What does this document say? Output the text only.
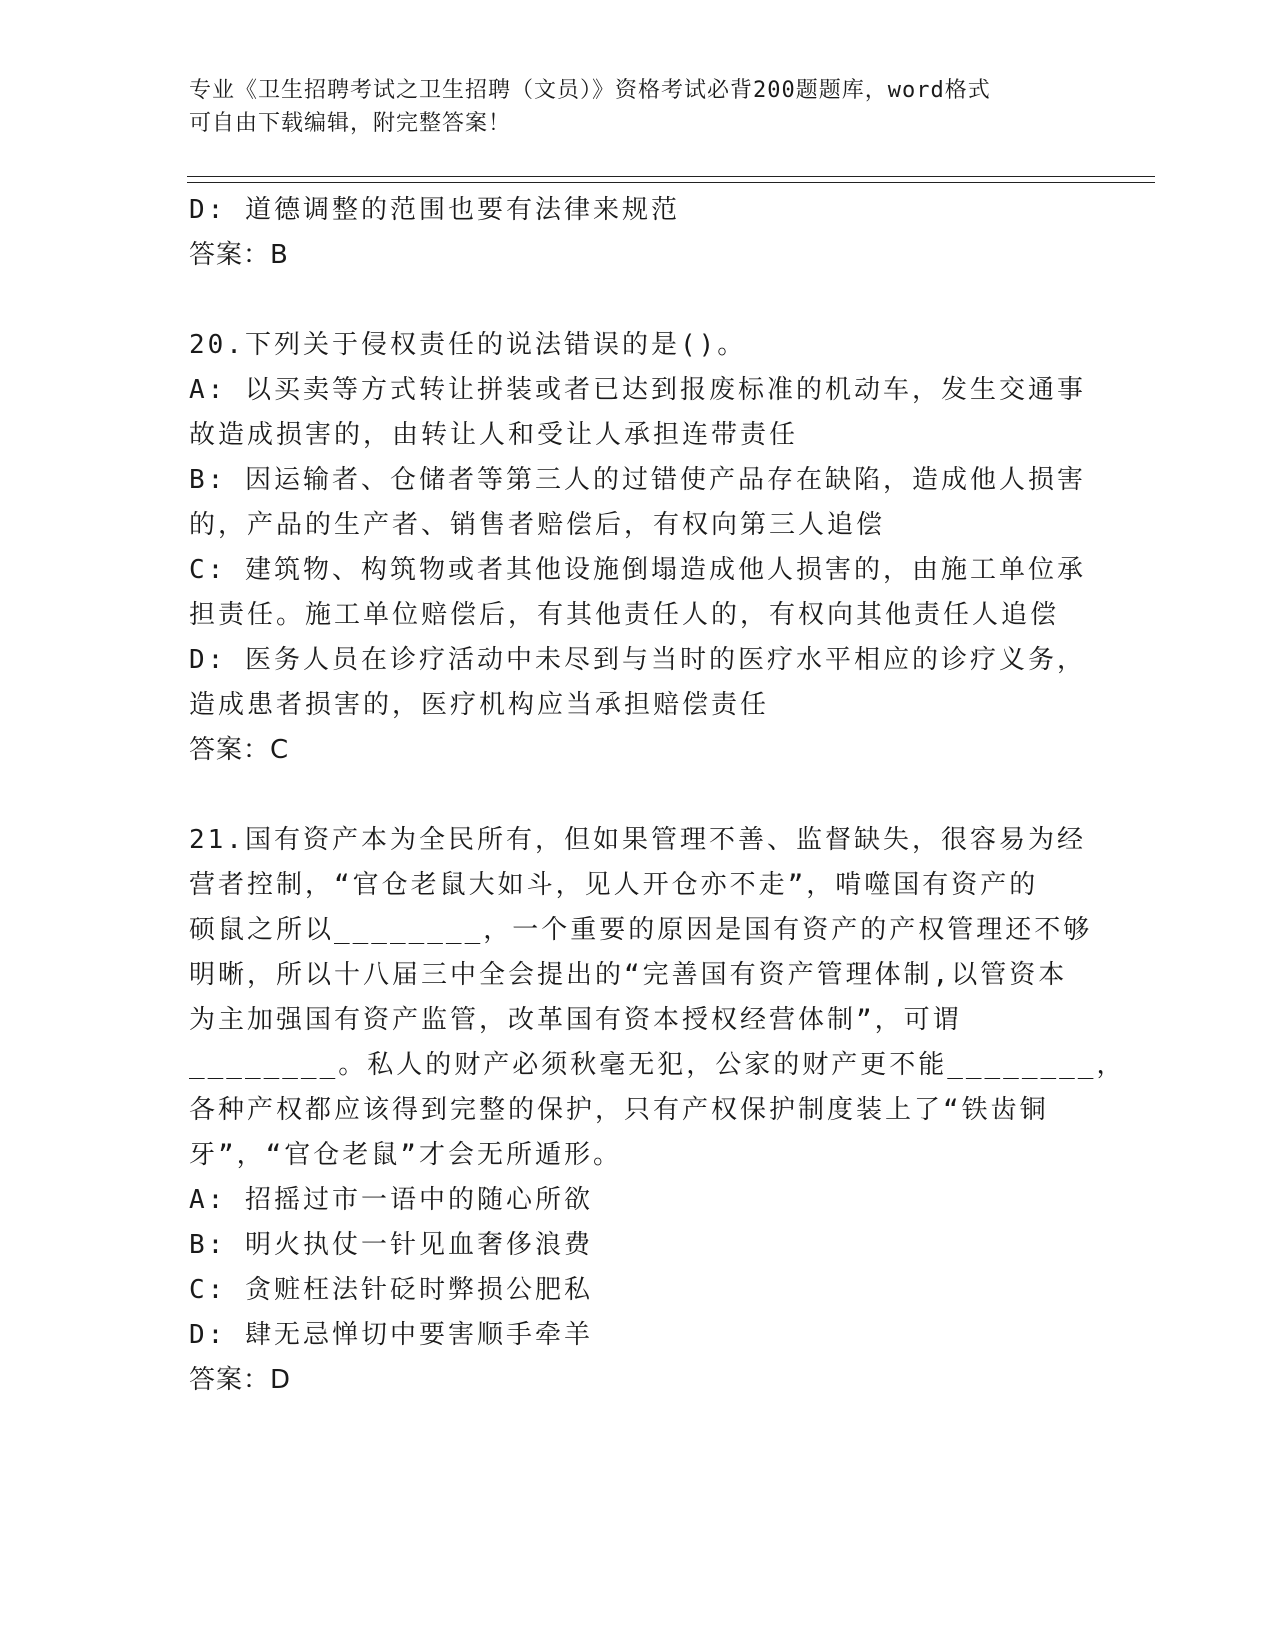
专业《卫生招聘考试之卫生招聘（文员）》资格考试必背200题题库，word格式
可自由下载编辑，附完整答案！
D: 道德调整的范围也要有法律来规范
答案：B
20.下列关于侵权责任的说法错误的是()。
A: 以买卖等方式转让拼装或者已达到报废标准的机动车，发生交通事
故造成损害的，由转让人和受让人承担连带责任
B: 因运输者、仓储者等第三人的过错使产品存在缺陷，造成他人损害
的，产品的生产者、销售者赔偿后，有权向第三人追偿
C: 建筑物、构筑物或者其他设施倒塌造成他人损害的，由施工单位承
担责任。施工单位赔偿后，有其他责任人的，有权向其他责任人追偿
D: 医务人员在诊疗活动中未尽到与当时的医疗水平相应的诊疗义务，
造成患者损害的，医疗机构应当承担赔偿责任
答案：C
21.国有资产本为全民所有，但如果管理不善、监督缺失，很容易为经
营者控制，“官仓老鼠大如斗，见人开仓亦不走”，啃噬国有资产的
硕鼠之所以________，一个重要的原因是国有资产的产权管理还不够
明晰，所以十八届三中全会提出的“完善国有资产管理体制,以管资本
为主加强国有资产监管，改革国有资本授权经营体制”，可谓
________。私人的财产必须秋毫无犯，公家的财产更不能________，
各种产权都应该得到完整的保护，只有产权保护制度装上了“铁齿铜
牙”，“官仓老鼠”才会无所遁形。
A: 招摇过市一语中的随心所欲
B: 明火执仗一针见血奢侈浪费
C: 贪赃枉法针砭时弊损公肥私
D: 肆无忌惮切中要害顺手牵羊
答案：D
